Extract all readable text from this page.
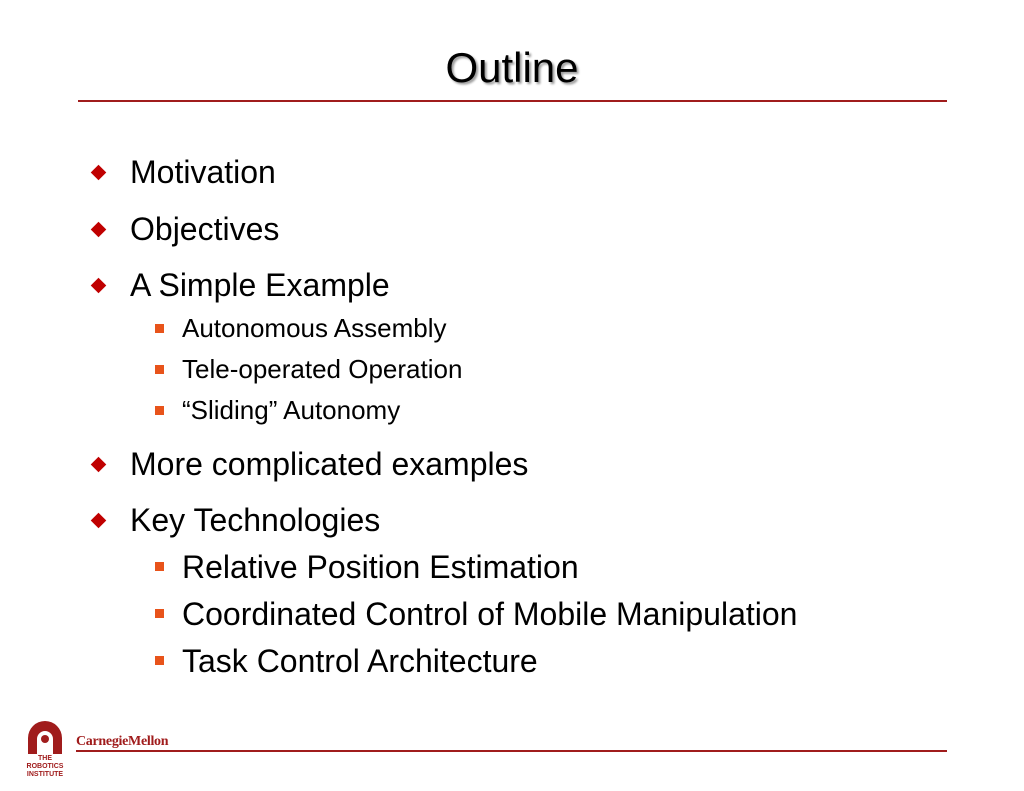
Outline
Motivation
Objectives
A Simple Example
Autonomous Assembly
Tele-operated Operation
“Sliding” Autonomy
More complicated examples
Key Technologies
Relative Position Estimation
Coordinated Control of Mobile Manipulation
Task Control Architecture
THE ROBOTICS INSTITUTE
CarnegieMellon
